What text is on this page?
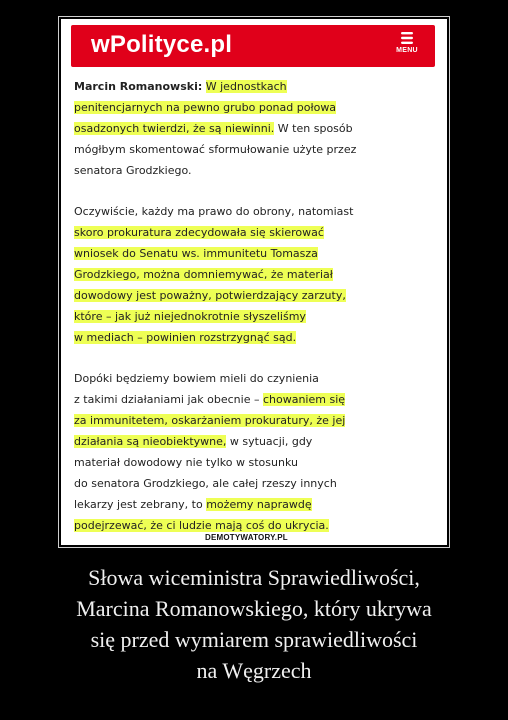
wPolityce.pl	MENU
Marcin Romanowski: W jednostkach
penitencjarnych na pewno grubo ponad połowa
osadzonych twierdzi, że są niewinni. W ten sposób
mógłbym skomentować sformułowanie użyte przez
senatora Grodzkiego.
Oczywiście, każdy ma prawo do obrony, natomiast
skoro prokuratura zdecydowała się skierować
wniosek do Senatu ws. immunitetu Tomasza
Grodzkiego, można domniemywać, że materiał
dowodowy jest poważny, potwierdzający zarzuty,
które – jak już niejednokrotnie słyszeliśmy
w mediach – powinien rozstrzygnąć sąd.
Dopóki będziemy bowiem mieli do czynienia
z takimi działaniami jak obecnie – chowaniem się
za immunitetem, oskarżaniem prokuratury, że jej
działania są nieobiektywne, w sytuacji, gdy
materiał dowodowy nie tylko w stosunku
do senatora Grodzkiego, ale całej rzeszy innych
lekarzy jest zebrany, to możemy naprawdę
podejrzewać, że ci ludzie mają coś do ukrycia.
DEMOTYWATORY.PL
Słowa wiceministra Sprawiedliwości,
Marcina Romanowskiego, który ukrywa
się przed wymiarem sprawiedliwości
na Węgrzech
